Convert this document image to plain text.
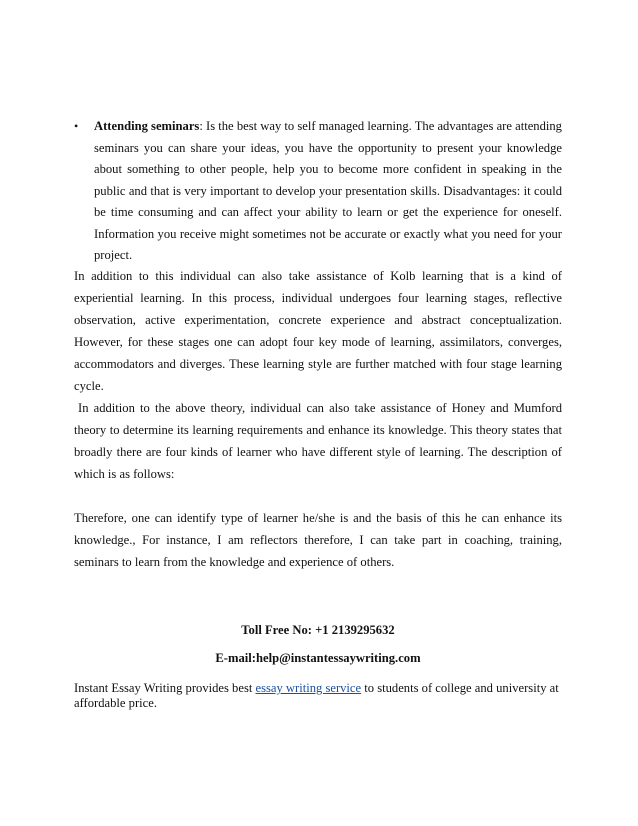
• Attending seminars: Is the best way to self managed learning. The advantages are attending seminars you can share your ideas, you have the opportunity to present your knowledge about something to other people, help you to become more confident in speaking in the public and that is very important to develop your presentation skills. Disadvantages: it could be time consuming and can affect your ability to learn or get the experience for oneself. Information you receive might sometimes not be accurate or exactly what you need for your project.

In addition to this individual can also take assistance of Kolb learning that is a kind of experiential learning. In this process, individual undergoes four learning stages, reflective observation, active experimentation, concrete experience and abstract conceptualization. However, for these stages one can adopt four key mode of learning, assimilators, converges, accommodators and diverges. These learning style are further matched with four stage learning cycle.

In addition to the above theory, individual can also take assistance of Honey and Mumford theory to determine its learning requirements and enhance its knowledge. This theory states that broadly there are four kinds of learner who have different style of learning. The description of which is as follows:

Therefore, one can identify type of learner he/she is and the basis of this he can enhance its knowledge., For instance, I am reflectors therefore, I can take part in coaching, training, seminars to learn from the knowledge and experience of others.

Toll Free No: +1 2139295632

E-mail:help@instantessaywriting.com

Instant Essay Writing provides best essay writing service to students of college and university at affordable price.
